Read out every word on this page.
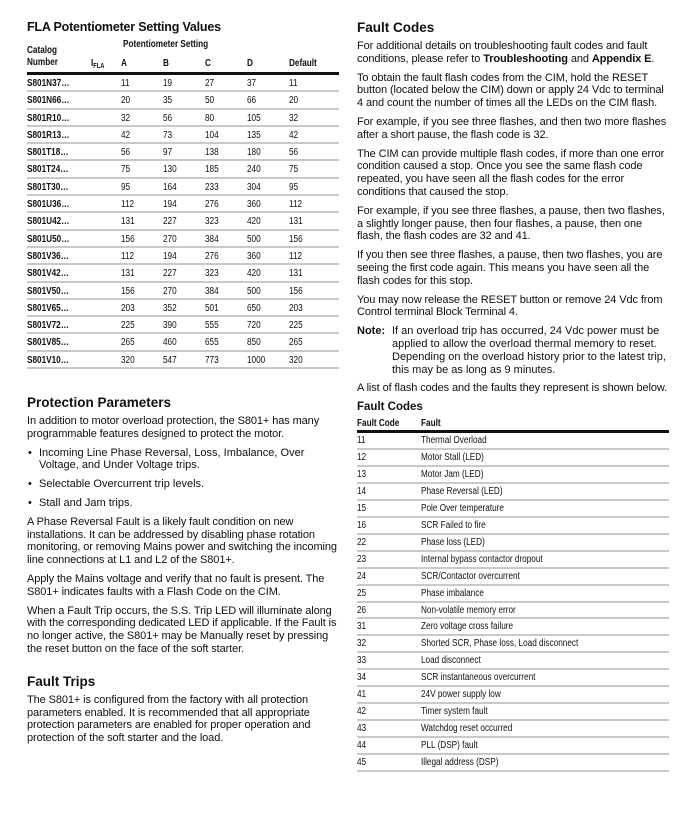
FLA Potentiometer Setting Values
Catalog
Number	$I_{FLA}$
Potentiometer Setting
A	B	C	D	Default
S801N37…	11	19	27	37	11
S801N66…	20	35	50	66	20
S801R10…	32	56	80	105	32
S801R13…	42	73	104	135	42
S801T18…	56	97	138	180	56
S801T24…	75	130	185	240	75
S801T30…	95	164	233	304	95
S801U36…	112	194	276	360	112
S801U42…	131	227	323	420	131
S801U50…	156	270	384	500	156
S801V36…	112	194	276	360	112
S801V42…	131	227	323	420	131
S801V50…	156	270	384	500	156
S801V65…	203	352	501	650	203
S801V72…	225	390	555	720	225
S801V85…	265	460	655	850	265
S801V10…	320	547	773	1000	320
Protection Parameters

In addition to motor overload protection, the S801+ has many programmable features designed to protect the motor.

• Incoming Line Phase Reversal, Loss, Imbalance, Over Voltage, and Under Voltage trips.
• Selectable Overcurrent trip levels.
• Stall and Jam trips.

A Phase Reversal Fault is a likely fault condition on new installations. It can be addressed by disabling phase rotation monitoring, or removing Mains power and switching the incoming line connections at L1 and L2 of the S801+.

Apply the Mains voltage and verify that no fault is present. The S801+ indicates faults with a Flash Code on the CIM.

When a Fault Trip occurs, the S.S. Trip LED will illuminate along with the corresponding dedicated LED if applicable. If the Fault is no longer active, the S801+ may be Manually reset by pressing the reset button on the face of the soft starter.

Fault Trips

The S801+ is configured from the factory with all protection parameters enabled. It is recommended that all appropriate protection parameters are enabled for proper operation and protection of the soft starter and the load.

Fault Codes

For additional details on troubleshooting fault codes and fault conditions, please refer to Troubleshooting and Appendix E.

To obtain the fault flash codes from the CIM, hold the RESET button (located below the CIM) down or apply 24 Vdc to terminal 4 and count the number of times all the LEDs on the CIM flash.

For example, if you see three flashes, and then two more flashes after a short pause, the flash code is 32.

The CIM can provide multiple flash codes, if more than one error condition caused a stop. Once you see the same flash code repeated, you have seen all the flash codes for the error conditions that caused the stop.

For example, if you see three flashes, a pause, then two flashes, a slightly longer pause, then four flashes, a pause, then one flash, the flash codes are 32 and 41.

If you then see three flashes, a pause, then two flashes, you are seeing the first code again. This means you have seen all the flash codes for this stop.

You may now release the RESET button or remove 24 Vdc from Control terminal Block Terminal 4.

Note: If an overload trip has occurred, 24 Vdc power must be applied to allow the overload thermal memory to reset. Depending on the overload history prior to the latest trip, this may be as long as 9 minutes.

A list of flash codes and the faults they represent is shown below.

Fault Codes
Fault Code Fault
11	Thermal Overload
12	Motor Stall (LED)
13	Motor Jam (LED)
14	Phase Reversal (LED)
15	Pole Over temperature
16	SCR Failed to fire
22	Phase loss (LED)
23	Internal bypass contactor dropout
24	SCR/Contactor overcurrent
25	Phase imbalance
26	Non-volatile memory error
31	Zero voltage cross failure
32	Shorted SCR, Phase loss, Load disconnect
33	Load disconnect
34	SCR instantaneous overcurrent
41	24V power supply low
42	Timer system fault
43	Watchdog reset occurred
44	PLL (DSP) fault
45	Illegal address (DSP)
